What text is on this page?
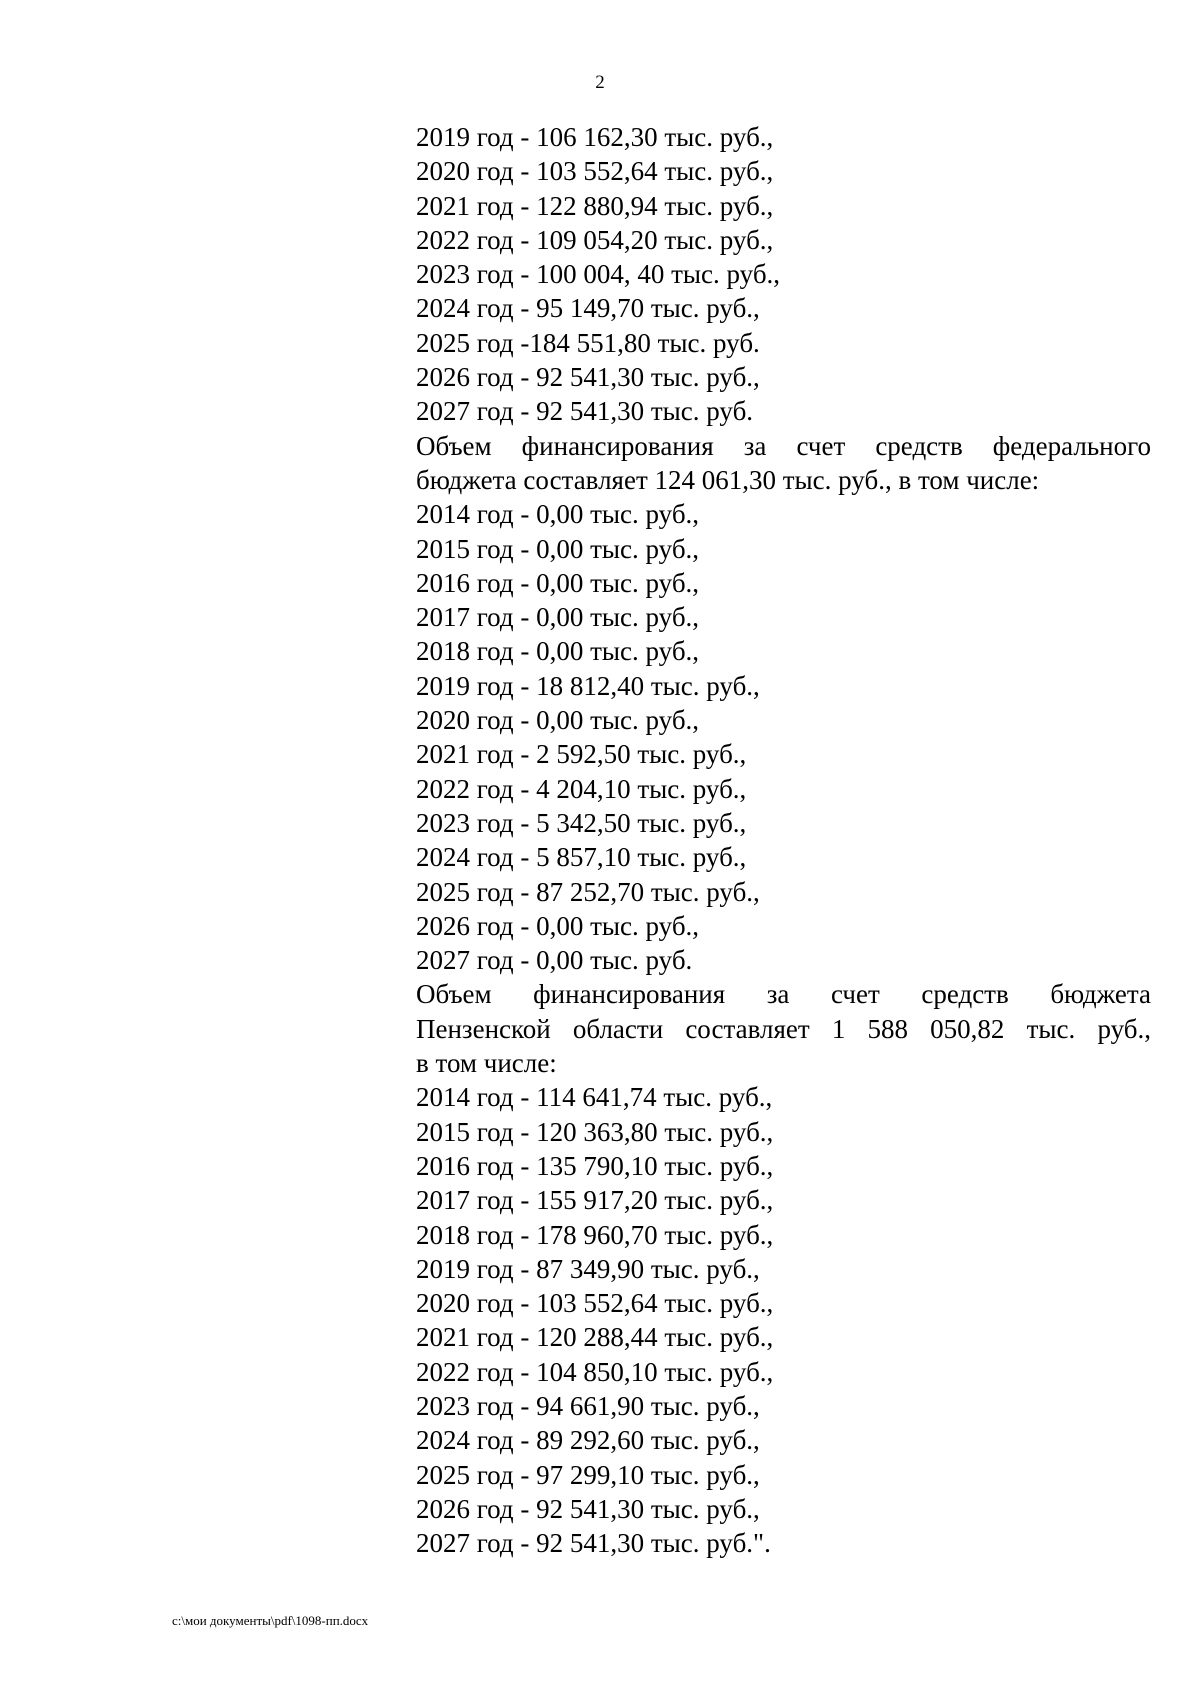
2
2019 год - 106 162,30 тыс. руб.,
2020 год - 103 552,64 тыс. руб.,
2021 год - 122 880,94 тыс. руб.,
2022 год - 109 054,20 тыс. руб.,
2023 год - 100 004, 40 тыс. руб.,
2024 год - 95 149,70 тыс. руб.,
2025 год -184 551,80 тыс. руб.
2026 год - 92 541,30 тыс. руб.,
2027 год - 92 541,30 тыс. руб.
Объем финансирования за счет средств федерального
бюджета составляет 124 061,30 тыс. руб., в том числе:
2014 год - 0,00 тыс. руб.,
2015 год - 0,00 тыс. руб.,
2016 год - 0,00 тыс. руб.,
2017 год - 0,00 тыс. руб.,
2018 год - 0,00 тыс. руб.,
2019 год - 18 812,40 тыс. руб.,
2020 год - 0,00 тыс. руб.,
2021 год - 2 592,50 тыс. руб.,
2022 год - 4 204,10 тыс. руб.,
2023 год - 5 342,50 тыс. руб.,
2024 год - 5 857,10 тыс. руб.,
2025 год - 87 252,70 тыс. руб.,
2026 год - 0,00 тыс. руб.,
2027 год - 0,00 тыс. руб.
Объем финансирования за счет средств бюджета
Пензенской области составляет 1 588 050,82 тыс. руб.,
в том числе:
2014 год - 114 641,74 тыс. руб.,
2015 год - 120 363,80 тыс. руб.,
2016 год - 135 790,10 тыс. руб.,
2017 год - 155 917,20 тыс. руб.,
2018 год - 178 960,70 тыс. руб.,
2019 год - 87 349,90 тыс. руб.,
2020 год - 103 552,64 тыс. руб.,
2021 год - 120 288,44 тыс. руб.,
2022 год - 104 850,10 тыс. руб.,
2023 год - 94 661,90 тыс. руб.,
2024 год - 89 292,60 тыс. руб.,
2025 год - 97 299,10 тыс. руб.,
2026 год - 92 541,30 тыс. руб.,
2027 год - 92 541,30 тыс. руб.".
c:\мои документы\pdf\1098-пп.docx
